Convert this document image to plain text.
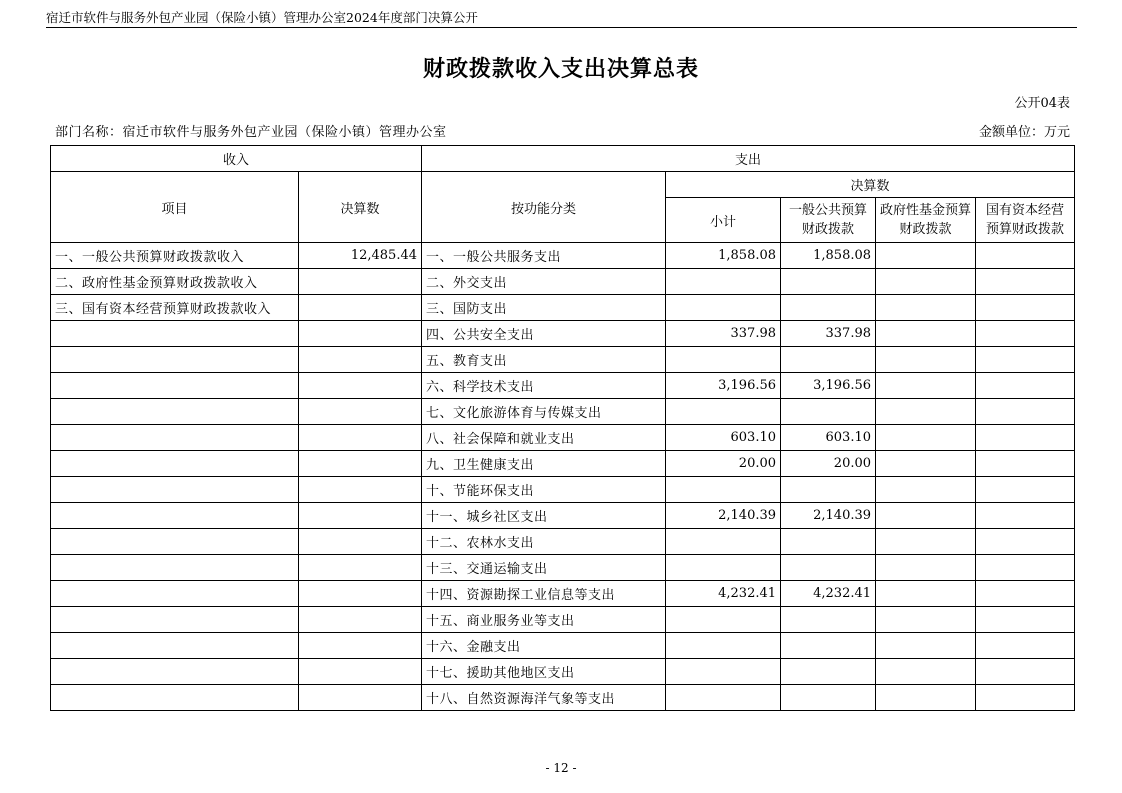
宿迁市软件与服务外包产业园（保险小镇）管理办公室2024年度部门决算公开
财政拨款收入支出决算总表
公开04表
部门名称：宿迁市软件与服务外包产业园（保险小镇）管理办公室	金额单位：万元
收入		支出				
项目	决算数	按功能分类	决算数			
			小计	一般公共预算财政拨款	政府性基金预算财政拨款	国有资本经营预算财政拨款
一、一般公共预算财政拨款收入	12,485.44	一、一般公共服务支出	1,858.08	1,858.08		
二、政府性基金预算财政拨款收入		二、外交支出				
三、国有资本经营预算财政拨款收入		三、国防支出				
		四、公共安全支出	337.98	337.98		
		五、教育支出				
		六、科学技术支出	3,196.56	3,196.56		
		七、文化旅游体育与传媒支出				
		八、社会保障和就业支出	603.10	603.10		
		九、卫生健康支出	20.00	20.00		
		十、节能环保支出				
		十一、城乡社区支出	2,140.39	2,140.39		
		十二、农林水支出				
		十三、交通运输支出				
		十四、资源勘探工业信息等支出	4,232.41	4,232.41		
		十五、商业服务业等支出				
		十六、金融支出				
		十七、援助其他地区支出				
		十八、自然资源海洋气象等支出				
- 12 -
